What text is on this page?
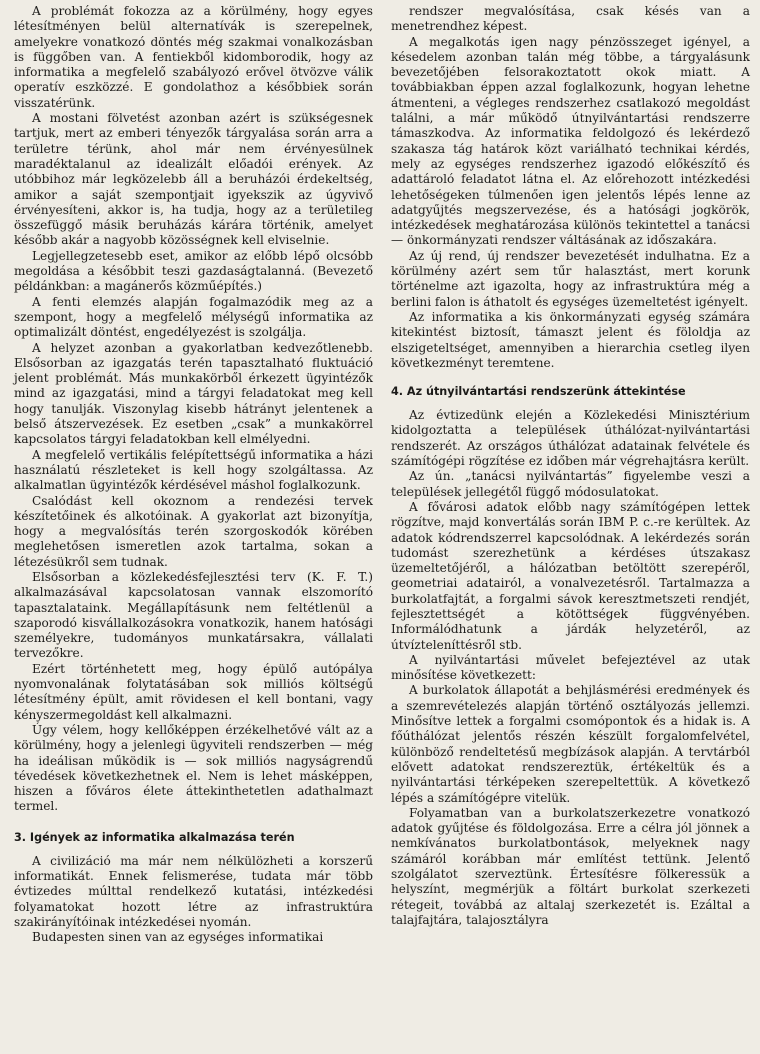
A problémát fokozza az a körülmény, hogy egyes létesítményen belül alternatívák is szerepelnek, amelyekre vonatkozó döntés még szakmai vonalkozásban is függőben van. A fentiekből kidomborodik, hogy az informatika a megfelelő szabályozó erővel ötvözve válik operatív eszközzé. E gondolathoz a későbbiek során visszatérünk.

A mostani fölvetést azonban azért is szükségesnek tartjuk, mert az emberi tényezők tárgyalása során arra a területre térünk, ahol már nem érvényesülnek maradéktalanul az idealizált előadói erények. Az utóbbihoz már legközelebb áll a beruházói érdekeltség, amikor a saját szempontjait igyekszik az úgyvivő érvényesíteni, akkor is, ha tudja, hogy az a területileg összefüggő másik beruházás kárára történik, amelyet később akár a nagyobb közösségnek kell elviselnie.

Legjellegzetesebb eset, amikor az előbb lépő olcsóbb megoldása a későbbit teszi gazdaságtalanná. (Bevezető példánkban: a magánerős közműépítés.)

A fenti elemzés alapján fogalmazódik meg az a szempont, hogy a megfelelő mélységű informatika az optimalizált döntést, engedélyezést is szolgálja.

A helyzet azonban a gyakorlatban kedvezőtlenebb. Elsősorban az igazgatás terén tapasztalható fluktuáció jelent problémát. Más munkakörből érkezett ügyintézők mind az igazgatási, mind a tárgyi feladatokat meg kell hogy tanulják. Viszonylag kisebb hátrányt jelentenek a belső átszervezések. Ez esetben „csak” a munkakörrel kapcsolatos tárgyi feladatokban kell elmélyedni.

A megfelelő vertikális felépítettségű informatika a házi használatú részleteket is kell hogy szolgáltassa. Az alkalmatlan ügyintézők kérdésével máshol foglalkozunk.

Csalódást kell okoznom a rendezési tervek készítetőinek és alkotóinak. A gyakorlat azt bizonyítja, hogy a megvalósítás terén szorgoskodók körében meglehetősen ismeretlen azok tartalma, sokan a létezésükről sem tudnak.

Elsősorban a közlekedésfejlesztési terv (K. F. T.) alkalmazásával kapcsolatosan vannak elszomorító tapasztalataink. Megállapításunk nem feltétlenül a szaporodó kisvállalkozásokra vonatkozik, hanem hatósági személyekre, tudományos munkatársakra, vállalati tervezőkre.

Ezért történhetett meg, hogy épülő autópálya nyomvonalának folytatásában sok milliós költségű létesítmény épült, amit rövidesen el kell bontani, vagy kényszermegoldást kell alkalmazni.

Úgy vélem, hogy kellőképpen érzékelhetővé vált az a körülmény, hogy a jelenlegi ügyviteli rendszerben — még ha ideálisan működik is — sok milliós nagyságrendű tévedések következhetnek el. Nem is lehet másképpen, hiszen a főváros élete áttekinthetetlen adathalmazt termel.

3. Igények az informatika alkalmazása terén

A civilizáció ma már nem nélkülözheti a korszerű informatikát. Ennek felismerése, tudata már több évtizedes múlttal rendelkező kutatási, intézkedési folyamatokat hozott létre az infrastruktúra szakirányítóinak intézkedései nyomán.

Budapesten sinen van az egységes informatikai

rendszer megvalósítása, csak késés van a menetrendhez képest.

A megalkotás igen nagy pénzösszeget igényel, a késedelem azonban talán még többe, a tárgyalásunk bevezetőjében felsorakoztatott okok miatt. A továbbiakban éppen azzal foglalkozunk, hogyan lehetne átmenteni, a végleges rendszerhez csatlakozó megoldást találni, a már működő útnyilvántartási rendszerre támaszkodva. Az informatika feldolgozó és lekérdező szakasza tág határok közt variálható technikai kérdés, mely az egységes rendszerhez igazodó előkészítő és adattároló feladatot látna el. Az előrehozott intézkedési lehetőségeken túlmenően igen jelentős lépés lenne az adatgyűjtés megszervezése, és a hatósági jogkörök, intézkedések meghatározása különös tekintettel a tanácsi — önkormányzati rendszer váltásának az időszakára.

Az új rend, új rendszer bevezetését indulhatna. Ez a körülmény azért sem tűr halasztást, mert korunk történelme azt igazolta, hogy az infrastruktúra még a berlini falon is áthatolt és egységes üzemeltetést igényelt.

Az informatika a kis önkormányzati egység számára kitekintést biztosít, támaszt jelent és föloldja az elszigeteltséget, amennyiben a hierarchia csetleg ilyen következményt teremtene.

4. Az útnyilvántartási rendszerünk áttekintése

Az évtizedünk elején a Közlekedési Minisztérium kidolgoztatta a települések úthálózat-nyilvántartási rendszerét. Az országos úthálózat adatainak felvétele és számítógépi rögzítése ez időben már végrehajtásra került.

Az ún. „tanácsi nyilvántartás” figyelembe veszi a települések jellegétől függő módosulatokat.

A fővárosi adatok előbb nagy számítógépen lettek rögzítve, majd konvertálás során IBM P. c.-re kerültek. Az adatok kódrendszerrel kapcsolódnak. A lekérdezés során tudomást szerezhetünk a kérdéses útszakasz üzemeltetőjéről, a hálózatban betöltött szerepéről, geometriai adatairól, a vonalvezetésről. Tartalmazza a burkolatfajtát, a forgalmi sávok keresztmetszeti rendjét, fejlesztettségét a kötöttségek függvényében. Informálódhatunk a járdák helyzetéről, az útvízteleníttésről stb.

A nyilvántartási művelet befejeztével az utak minősítése következett:

A burkolatok állapotát a behjlásmérési eredmények és a szemrevételezés alapján történő osztályozás jellemzi. Minősítve lettek a forgalmi csomópontok és a hidak is. A főúthálózat jelentős részén készült forgalomfelvétel, különböző rendeltetésű megbízások alapján. A tervtárból elővett adatokat rendszereztük, értékeltük és a nyilvántartási térképeken szerepeltettük. A következő lépés a számítógépre vitelük.

Folyamatban van a burkolatszerkezetre vonatkozó adatok gyűjtése és földolgozása. Erre a célra jól jönnek a nemkívánatos burkolatbontások, melyeknek nagy számáról korábban már említést tettünk. Jelentő szolgálatot szerveztünk. Értesítésre fölkeressük a helyszínt, megmérjük a föltárt burkolat szerkezeti rétegeit, továbbá az altalaj szerkezetét is. Ezáltal a talajfajtára, talajosztályra
